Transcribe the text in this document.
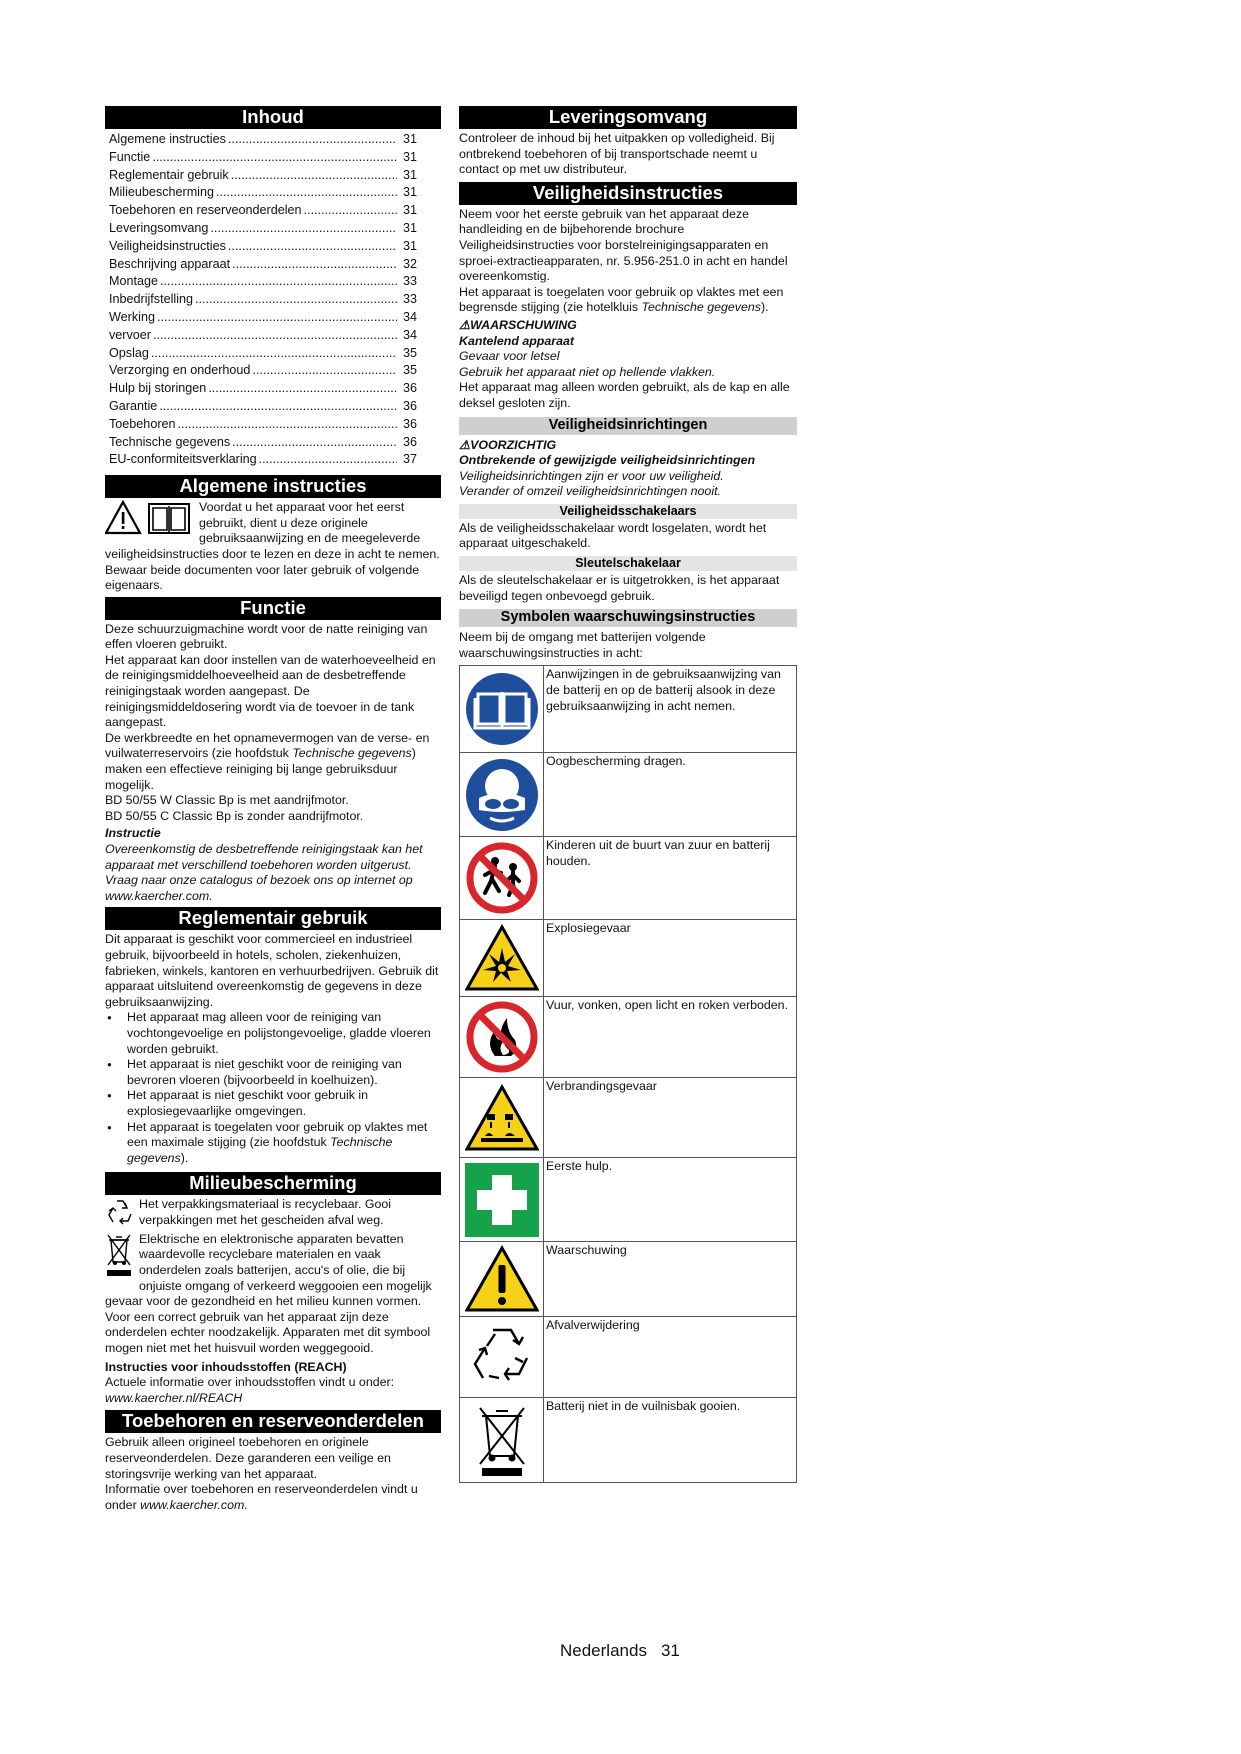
Inhoud
Algemene instructies .....	31
Functie .....	31
Reglementair gebruik .....	31
Milieubescherming .....	31
Toebehoren en reserveonderdelen .....	31
Leveringsomvang .....	31
Veiligheidsinstructies .....	31
Beschrijving apparaat .....	32
Montage .....	33
Inbedrijfstelling .....	33
Werking .....	34
vervoer .....	34
Opslag .....	35
Verzorging en onderhoud .....	35
Hulp bij storingen .....	36
Garantie .....	36
Toebehoren .....	36
Technische gegevens .....	36
EU-conformiteitsverklaring .....	37
Algemene instructies

Voordat u het apparaat voor het eerst gebruikt, dient u deze originele gebruiksaanwijzing en de meegeleverde veiligheidsinstructies door te lezen en deze in acht te nemen.

Bewaar beide documenten voor later gebruik of volgende eigenaars.

Functie

Deze schuurzuigmachine wordt voor de natte reiniging van effen vloeren gebruikt.

Het apparaat kan door instellen van de waterhoeveelheid en de reinigingsmiddelhoeveelheid aan de desbetreffende reinigingstaak worden aangepast. De reinigingsmiddeldosering wordt via de toevoer in de tank aangepast.

De werkbreedte en het opnamevermogen van de verse- en vuilwaterreservoirs (zie hoofdstuk Technische gegevens) maken een effectieve reiniging bij lange gebruiksduur mogelijk.

BD 50/55 W Classic Bp is met aandrijfmotor.

BD 50/55 C Classic Bp is zonder aandrijfmotor.

Instructie

Overeenkomstig de desbetreffende reinigingstaak kan het apparaat met verschillend toebehoren worden uitgerust. Vraag naar onze catalogus of bezoek ons op internet op www.kaercher.com.

Reglementair gebruik

Dit apparaat is geschikt voor commercieel en industrieel gebruik, bijvoorbeeld in hotels, scholen, ziekenhuizen, fabrieken, winkels, kantoren en verhuurbedrijven. Gebruik dit apparaat uitsluitend overeenkomstig de gegevens in deze gebruiksaanwijzing.

● Het apparaat mag alleen voor de reiniging van vochtongevoelige en polijstongevoelige, gladde vloeren worden gebruikt.
● Het apparaat is niet geschikt voor de reiniging van bevroren vloeren (bijvoorbeeld in koelhuizen).
● Het apparaat is niet geschikt voor gebruik in explosiegevaarlijke omgevingen.
● Het apparaat is toegelaten voor gebruik op vlaktes met een maximale stijging (zie hoofdstuk Technische gegevens).
Milieubescherming

Het verpakkingsmateriaal is recyclebaar. Gooi verpakkingen met het gescheiden afval weg.

Elektrische en elektronische apparaten bevatten waardevolle recyclebare materialen en vaak onderdelen zoals batterijen, accu's of olie, die bij onjuiste omgang of verkeerd weggooien een mogelijk gevaar voor de gezondheid en het milieu kunnen vormen. Voor een correct gebruik van het apparaat zijn deze onderdelen echter noodzakelijk. Apparaten met dit symbool mogen niet met het huisvuil worden weggegooid.

Instructies voor inhoudsstoffen (REACH)

Actuele informatie over inhoudsstoffen vindt u onder:

www.kaercher.nl/REACH

Toebehoren en reserveonderdelen

Gebruik alleen origineel toebehoren en originele reserveonderdelen. Deze garanderen een veilige en storingsvrije werking van het apparaat.

Informatie over toebehoren en reserveonderdelen vindt u onder www.kaercher.com.

Leveringsomvang

Controleer de inhoud bij het uitpakken op volledigheid. Bij ontbrekend toebehoren of bij transportschade neemt u contact op met uw distributeur.

Veiligheidsinstructies

Neem voor het eerste gebruik van het apparaat deze handleiding en de bijbehorende brochure Veiligheidsinstructies voor borstelreinigingsapparaten en sproei-extractieapparaten, nr. 5.956-251.0 in acht en handel overeenkomstig.

Het apparaat is toegelaten voor gebruik op vlaktes met een begrensde stijging (zie hotelkluis Technische gegevens).

⚠WAARSCHUWING

Kantelend apparaat

Gevaar voor letsel

Gebruik het apparaat niet op hellende vlakken.

Het apparaat mag alleen worden gebruikt, als de kap en alle deksel gesloten zijn.

Veiligheidsinrichtingen

⚠VOORZICHTIG

Ontbrekende of gewijzigde veiligheidsinrichtingen

Veiligheidsinrichtingen zijn er voor uw veiligheid.

Verander of omzeil veiligheidsinrichtingen nooit.

Veiligheidsschakelaars

Als de veiligheidsschakelaar wordt losgelaten, wordt het apparaat uitgeschakeld.

Sleutelschakelaar

Als de sleutelschakelaar er is uitgetrokken, is het apparaat beveiligd tegen onbevoegd gebruik.

Symbolen waarschuwingsinstructies

Neem bij de omgang met batterijen volgende waarschuwingsinstructies in acht:

Aanwijzingen in de gebruiksaanwijzing van de batterij en op de batterij alsook in deze gebruiksaanwijzing in acht nemen.
Oogbescherming dragen.
Kinderen uit de buurt van zuur en batterij houden.
Explosiegevaar
Vuur, vonken, open licht en roken verboden.
Verbrandingsgevaar
Eerste hulp.
Waarschuwing
Afvalverwijdering
Batterij niet in de vuilnisbak gooien.
Nederlands 31
